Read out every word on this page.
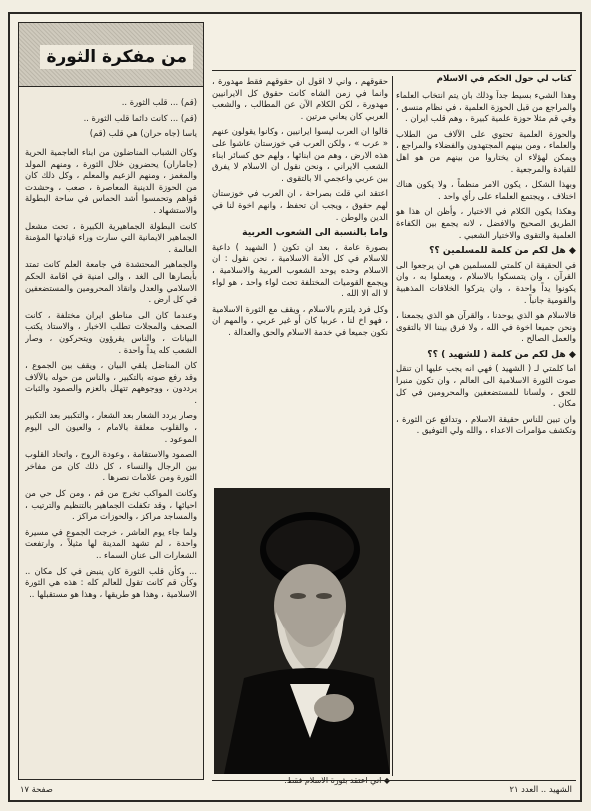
من مفكرة الثورة

(قم) ... قلب الثورة ..

(قم) ... كانت دائما قلب الثورة ..

ياسا (جاه حران) هي قلب (قم)

وكان الشباب المناضلون من ابناء العاجمية الحرية (جاماران) يحضرون خلال الثورة ، ومنهم المولد والمغمز ، ومنهم الزعيم والمعلم ، وكل ذلك كان من الحوزة الدينية المعاصرة ، صعب ، وحشدت قواهم وتحمسوا أشد الحماس في ساحة البطولة والاستشهاد .

كانت البطولة الجماهيرية الكبيرة ، تحت مشعل الجماهير الايمانية التي سارت وراء قيادتها المؤمنة العالمة .

والجماهير المحتشدة في جامعة العلم كانت تمتد بأبصارها الى الغد ، والى امنية في اقامة الحكم الاسلامي والعدل وانقاذ المحرومين والمستضعفين في كل ارض .

وعندما كان الى مناطق ايران مختلفة ، كانت الصحف والمجلات تطلب الاخبار ، والاستاذ يكتب البيانات ، والناس يقرؤون ويتحركون ، وصار الشعب كله يداً واحدة .

كان المناضل يلقي البيان ، ويقف بين الجموع ، وقد رفع صوته بالتكبير ، والناس من حوله بالآلاف يرددون ، ووجوههم تتهلل بالعزم والصمود والثبات .

وصار يردد الشعار بعد الشعار ، والتكبير بعد التكبير ، والقلوب معلقة بالامام ، والعيون الى اليوم الموعود .

الصمود والاستقامة ، وعودة الروح ، واتحاد القلوب بين الرجال والنساء ، كل ذلك كان من مفاخر الثورة ومن علامات نصرها .

وكانت المواكب تخرج من قم ، ومن كل حي من احيائها ، وقد تكفلت الجماهير بالتنظيم والترتيب ، والمساجد مراكز ، والحوزات مراكز .

ولما جاء يوم العاشر ، خرجت الجموع في مسيرة واحدة ، لم تشهد المدينة لها مثيلاً ، وارتفعت الشعارات الى عنان السماء ..

... وكأن قلب الثورة كان ينبض في كل مكان .. وكأن قم كانت تقول للعالم كله : هذه هي الثورة الاسلامية ، وهذا هو طريقها ، وهذا هو مستقبلها ..

كتاب لي حول الحكم في الاسلام

حقوقهم ، واني لا اقول ان حقوقهم فقط مهدورة ، وانما في زمن الشاه كانت حقوق كل الايرانيين مهدورة ، لكن الكلام الآن عن المطالب ، والشعب العربي كان يعاني مرتين .

قالوا ان العرب ليسوا ايرانيين ، وكانوا يقولون عنهم « عرب » ، ولكن العرب في خوزستان عاشوا على هذه الارض ، وهم من ابنائها ، ولهم حق كسائر ابناء الشعب الايراني ، ونحن نقول ان الاسلام لا يفرق بين عربي واعجمي الا بالتقوى .

اعتقد اني قلت بصراحة ، ان العرب في خوزستان لهم حقوق ، ويجب ان تحفظ ، وانهم اخوة لنا في الدين والوطن .

واما بالنسبة الى الشعوب العربية

بصورة عامة ، بعد ان تكون ( الشهيد ) داعية للاسلام في كل الأمة الاسلامية ، نحن نقول : ان الاسلام وحده يوحد الشعوب العربية والاسلامية ، ويجمع القوميات المختلفة تحت لواء واحد ، هو لواء لا اله الا الله .

وكل فرد يلتزم بالاسلام ، ويقف مع الثورة الاسلامية ، فهو اخ لنا ، عربيا كان أو غير عربي ، والمهم ان نكون جميعا في خدمة الاسلام والحق والعدالة .

وهذا الشيء بسيط جداً وذلك بان يتم انتخاب العلماء والمراجع من قبل الحوزة العلمية ، في نظام منسق ، وفي قم مثلا حوزة علمية كبيرة ، وهم قلب ايران .

والحوزة العلمية تحتوي على الآلاف من الطلاب والعلماء ، ومن بينهم المجتهدون والفضلاء والمراجع ، ويمكن لهؤلاء ان يختاروا من بينهم من هو اهل للقيادة والمرجعية .

وبهذا الشكل ، يكون الامر منظماً ، ولا يكون هناك اختلاف ، ويجتمع العلماء على رأي واحد .

وهكذا يكون الكلام في الاختيار ، وأظن ان هذا هو الطريق الصحيح والافضل ، لانه يجمع بين الكفاءة العلمية والتقوى والاختيار الشعبي .

◆ هل لكم من كلمة للمسلمين ؟؟

في الحقيقة ان كلمتي للمسلمين هي ان يرجعوا الى القرآن ، وان يتمسكوا بالاسلام ، ويعملوا به ، وان يكونوا يداً واحدة ، وان يتركوا الخلافات المذهبية والقومية جانباً .

فالاسلام هو الذي يوحدنا ، والقرآن هو الذي يجمعنا ، ونحن جميعا اخوة في الله ، ولا فرق بيننا الا بالتقوى والعمل الصالح .

◆ هل لكم من كلمة ( للشهيد ) ؟؟

اما كلمتي لـ ( الشهيد ) فهي انه يجب عليها ان تنقل صوت الثورة الاسلامية الى العالم ، وان تكون منبرا للحق ، ولسانا للمستضعفين والمحرومين في كل مكان .

وان تبين للناس حقيقة الاسلام ، وتدافع عن الثورة ، وتكشف مؤامرات الاعداء ، والله ولي التوفيق .

صفحة ١٧	الشهيد .. العدد ٢١
